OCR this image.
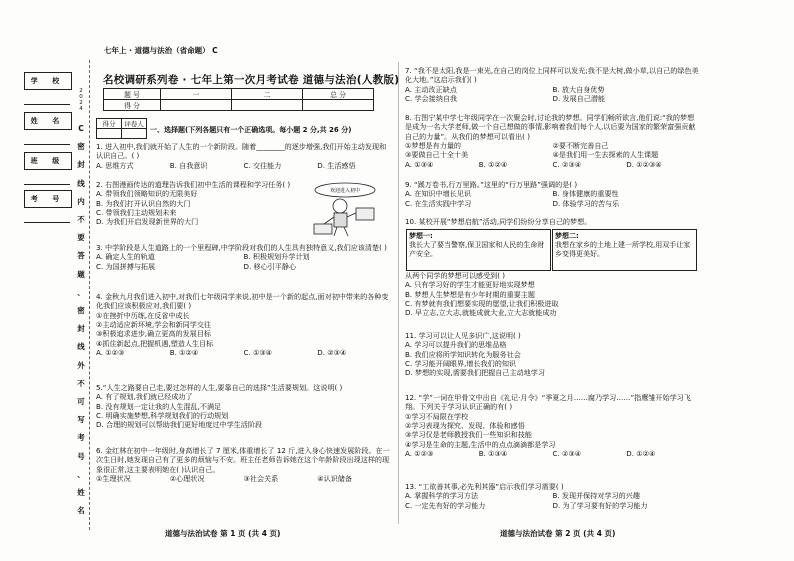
学 校
姓 名
班 级
考 号
2
0
2
4
C
密
封
线
内
不
要
答
题
、
密
封
线
外
不
可
写
考
号
、
姓
名
七年上 · 道德与法治（省命题） C
名校调研系列卷 · 七年上第一次月考试卷 道德与法治(人教版)
题 号	一	二	总 分
得 分			
得分	评卷人

一、选择题(下列各题只有一个正确选项。每小题 2 分,共 26 分)
1. 进入初中,我们就开始了人生的一个新阶段。随着________的逐步增强,我们开始主动发现和认识自己。( )
A. 思维方式	B. 自我意识	C. 交往能力	D. 生活感悟
2. 右图漫画传达的道理告诉我们初中生活的课程和学习任务( )
A. 带领我们领略知识的无限美好
B. 为我们打开认识自然的大门
C. 带领我们主动规划未来
D. 为我们开启发现新世界的大门
欢迎进入初中
3. 中学阶段是人生道路上的一个里程碑,中学阶段对我们的人生具有独特意义,我们应该清楚( )
A. 确定人生的轨道	B. 积极规划升学计划
C. 为国拼搏与拓展	D. 移心引平静心
4. 金秋九月我们进入初中,对我们七年级同学来说,初中是一个新的起点,面对初中带来的各种变化我们应该积极应对,我们要( )
①在挫折中历练,在反省中成长
②主动适应新环境,学会和新同学交往
③积极追求进步,确立更高的发展目标
④抓住新起点,把握机遇,塑造人生目标
A. ①②③	B. ①②④	C. ①③④	D. ②③④
5.“人生之路要自己走,要过怎样的人生,要靠自己的选择”生活要规划。这说明( )
A. 有了规划,我们就已经成功了
B. 没有规划一定让我的人生混乱,不满足
C. 明确实施梦想,科学规划我们的行动规划
D. 合理的规划可以帮助我们更好地度过中学生活阶段
6. 金红林在初中一年级时,身高增长了 7 厘米,体重增长了 12 斤,进入身心快速发展阶段。在一次生日时,她发现自己有了更多的烦恼与不安。班主任老师告诉她在这个年龄阶段出现这样的现象很正常,这主要表明她在( )认识自己。
①生理状况	②心理状况	③社会关系	④认识储备
道德与法治试卷 第 1 页 (共 4 页)
7. “我不是太阳,我是一束光,在自己的岗位上同样可以发光;我不是大树,做小草,以自己的绿色美化大地。”这启示我们( )
A. 主动改正缺点	B. 放大自身优势
C. 学会接纳自我	D. 发展自己潜能
8. 右图宁某中学七年级同学在一次聚会时,讨论我的梦想。同学们畅所欲言,他们说:“我的梦想是成为一名大学老师,做一个自己想做的事情,影响着我们每个人,以后要为国家的繁荣富强贡献自己的力量”。从我们的梦想可以看出( )
①梦想是有力量的	②要不断完善自己
③要做自己十全十美	④是我们用一生去探索的人生课题
A. ①③④	B. ①②④	C. ②③④	D. ①②③④
9. “蹊万卷书,行万里路。”这里的“行万里路”强调的是( )
A. 在知识中增长见识	B. 身体健康的重要性
C. 在生活实践中学习	D. 体验学习的苦与乐
10. 某校开展“梦想启航”活动,同学们纷纷分享自己的梦想。
梦想一:
我长大了要当警察,保卫国家和人民的生命财产安全。
梦想二:
我想在家乡的土地上建一所学校,用双手让家乡变得更美好。
从两个同学的梦想可以感受到( )
A. 只有学习好的学生才能更好地实现梦想
B. 梦想人生梦想是有少年时期的重要主题
C. 有梦就有我们想要实现的愿望,让我们积极进取
D. 早立志,立大志,就能成就大业,立大志就能成功
11. 学习可以让人见多识广,这说明( )
A. 学习可以提升我们的思维品格
B. 我们应将所学知识转化为服务社会
C. 学习能开阔眼界,增长我们的知识
D. 梦想的实现,需要我们把握自己主动地学习
12. “学”一词在甲骨文中出自《礼记·月令》“季夏之月……腐乃学习……”指鹰雏开始学习飞翔。下列关于学习认识正确的有( )
①学习不局限在学校
②学习表现为探究、发现、体验和感悟
③学习仅是老师教授我们一些知识和技能
④学习是生命的主题,生活中的点点滴滴都是学习
A. ①②③	B. ①③④	C. ②③④	D. ①②④
13. “工欲善其事,必先利其器”启示我们学习需要( )
A. 掌握科学的学习方法	B. 发现并保持对学习的兴趣
C. 一定先有好的学习能力	D. 为了学习要有好的学习能力
道德与法治试卷 第 2 页 (共 4 页)
